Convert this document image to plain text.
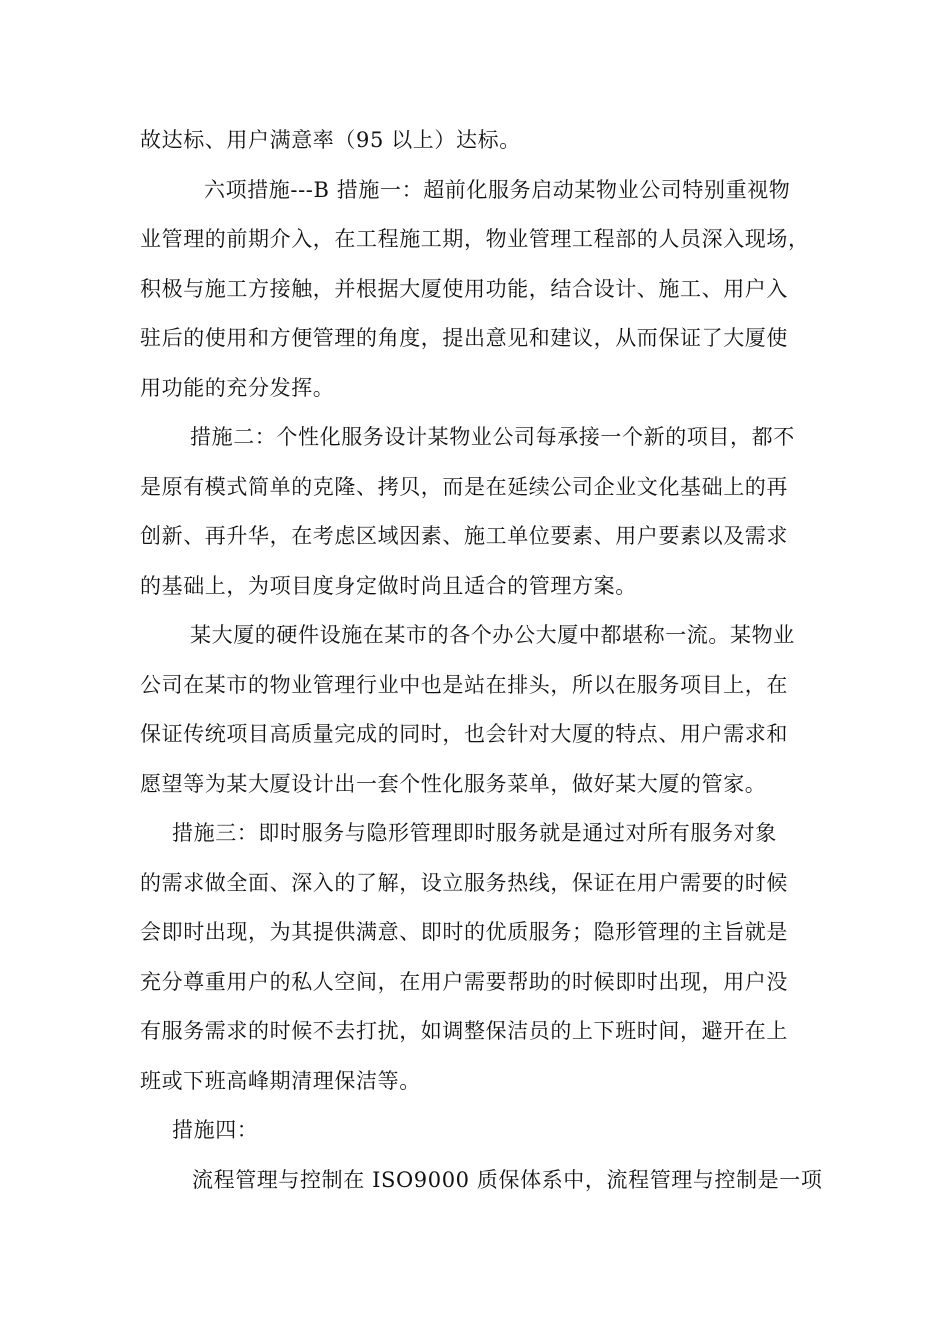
故达标、用户满意率（95 以上）达标。
六项措施---B 措施一：超前化服务启动某物业公司特别重视物
业管理的前期介入，在工程施工期，物业管理工程部的人员深入现场，
积极与施工方接触，并根据大厦使用功能，结合设计、施工、用户入
驻后的使用和方便管理的角度，提出意见和建议，从而保证了大厦使
用功能的充分发挥。
措施二：个性化服务设计某物业公司每承接一个新的项目，都不
是原有模式简单的克隆、拷贝，而是在延续公司企业文化基础上的再
创新、再升华，在考虑区域因素、施工单位要素、用户要素以及需求
的基础上，为项目度身定做时尚且适合的管理方案。
某大厦的硬件设施在某市的各个办公大厦中都堪称一流。某物业
公司在某市的物业管理行业中也是站在排头，所以在服务项目上，在
保证传统项目高质量完成的同时，也会针对大厦的特点、用户需求和
愿望等为某大厦设计出一套个性化服务菜单，做好某大厦的管家。
措施三：即时服务与隐形管理即时服务就是通过对所有服务对象
的需求做全面、深入的了解，设立服务热线，保证在用户需要的时候
会即时出现，为其提供满意、即时的优质服务；隐形管理的主旨就是
充分尊重用户的私人空间，在用户需要帮助的时候即时出现，用户没
有服务需求的时候不去打扰，如调整保洁员的上下班时间，避开在上
班或下班高峰期清理保洁等。
措施四：
流程管理与控制在 ISO9000 质保体系中，流程管理与控制是一项
